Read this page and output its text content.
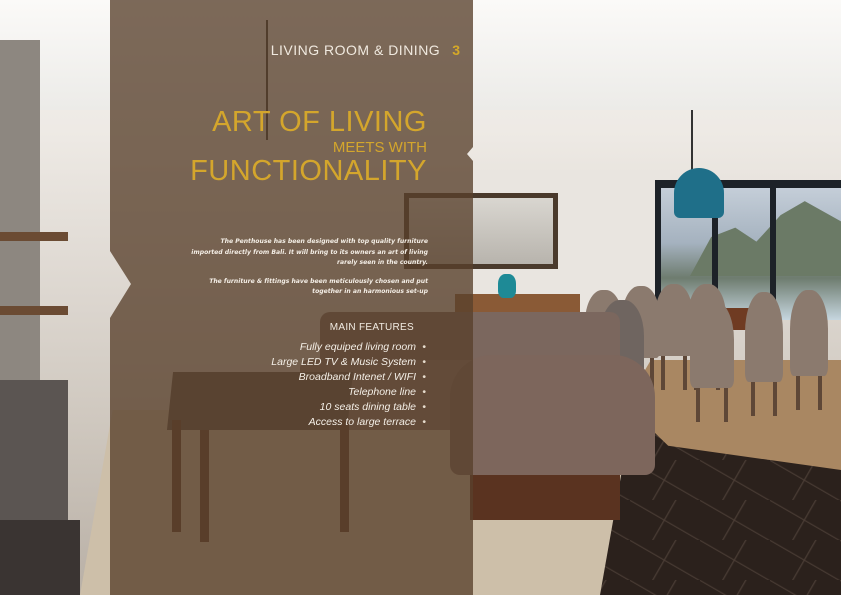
LIVING ROOM & DINING 3
ART OF LIVING
MEETS WITH
FUNCTIONALITY

The Penthouse has been designed with top quality furniture imported directly from Bali. It will bring to its owners an art of living rarely seen in the country.

The furniture & fittings have been meticulously chosen and put together in an harmonious set-up

MAIN FEATURES
Fully equiped living room •
Large LED TV & Music System •
Broadband Intenet / WIFI •
Telephone line •
10 seats dining table •
Access to large terrace •
